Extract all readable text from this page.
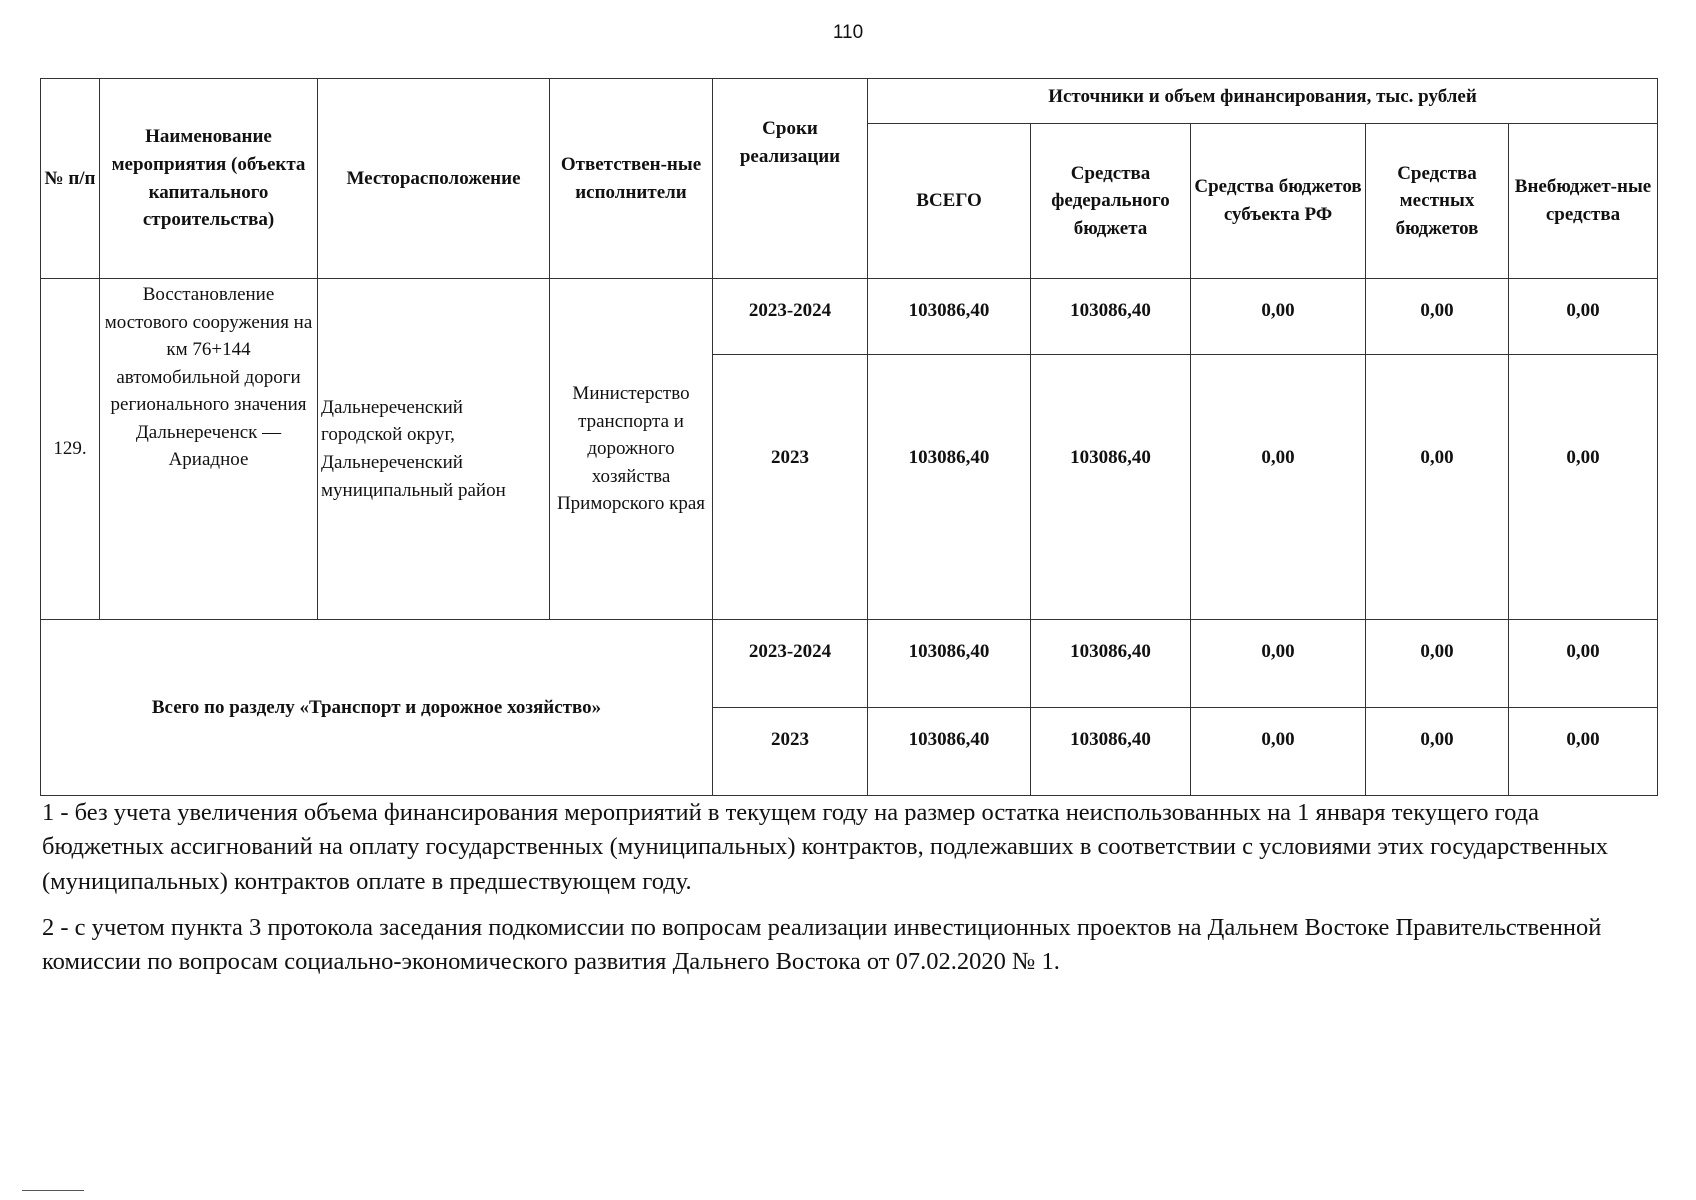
110
№ п/п	Наименование мероприятия (объекта капитального строительства)	Месторасположение	Ответствен-ные исполнители	Сроки реализации	Источники и объем финансирования, тыс. рублей				
					ВСЕГО	Средства федерального бюджета	Средства бюджетов субъекта РФ	Средства местных бюджетов	Внебюджет-ные средства
129.	Восстановление мостового сооружения на км 76+144 автомобильной дороги регионального значения Дальнереченск — Ариадное	Дальнереченский городской округ, Дальнереченский муниципальный район	Министерство транспорта и дорожного хозяйства Приморского края	2023-2024	103086,40	103086,40	0,00	0,00	0,00
				2023	103086,40	103086,40	0,00	0,00	0,00
Всего по разделу «Транспорт и дорожное хозяйство»				2023-2024	103086,40	103086,40	0,00	0,00	0,00
				2023	103086,40	103086,40	0,00	0,00	0,00

1 - без учета увеличения объема финансирования мероприятий в текущем году на размер остатка неиспользованных на 1 января текущего года бюджетных ассигнований на оплату государственных (муниципальных) контрактов, подлежавших в соответствии с условиями этих государственных (муниципальных) контрактов оплате в предшествующем году.

2 - с учетом пункта 3 протокола заседания подкомиссии по вопросам реализации инвестиционных проектов на Дальнем Востоке Правительственной комиссии по вопросам социально-экономического развития Дальнего Востока от 07.02.2020 № 1.
